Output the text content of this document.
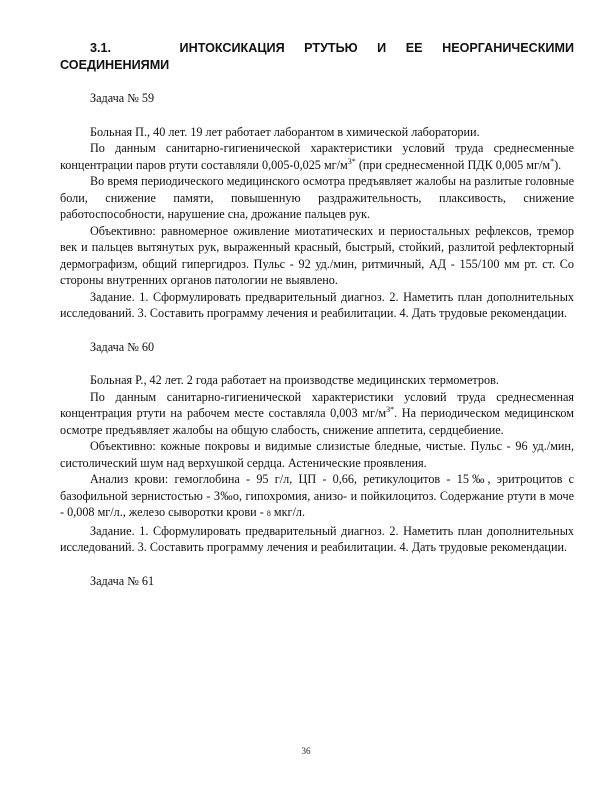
3.1.	ИНТОКСИКАЦИЯ РТУТЬЮ И ЕЕ НЕОРГАНИЧЕСКИМИ СОЕДИНЕНИЯМИ
Задача № 59

Больная П., 40 лет. 19 лет работает лаборантом в химической лаборатории.

По данным санитарно-гигиенической характеристики условий труда среднесменные концентрации паров ртути составляли 0,005-0,025 $мг/м^{3*}$ (при среднесменной ПДК 0,005 мг/м*).

Во время периодического медицинского осмотра предъявляет жалобы на разлитые головные боли, снижение памяти, повышенную раздражительность, плаксивость, снижение работоспособности, нарушение сна, дрожание пальцев рук.

Объективно: равномерное оживление миотатических и периостальных рефлексов, тремор век и пальцев вытянутых рук, выраженный красный, быстрый, стойкий, разлитой рефлекторный дермографизм, общий гипергидроз. Пульс - 92 уд./мин, ритмичный, АД - 155/100 мм рт. ст. Со стороны внутренних органов патологии не выявлено.

Задание. 1. Сформулировать предварительный диагноз. 2. Наметить план дополнительных исследований. 3. Составить программу лечения и реабилитации. 4. Дать трудовые рекомендации.

Задача № 60

Больная Р., 42 лет. 2 года работает на производстве медицинских термометров.

По данным санитарно-гигиенической характеристики условий труда среднесменная концентрация ртути на рабочем месте составляла 0,003 $мг/м^{3*}$. На периодическом медицинском осмотре предъявляет жалобы на общую слабость, снижение аппетита, сердцебиение.

Объективно: кожные покровы и видимые слизистые бледные, чистые. Пульс - 96 уд./мин, систолический шум над верхушкой сердца. Астенические проявления.

Анализ крови: гемоглобина - 95 г/л, ЦП - 0,66, ретикулоцитов - 15‰, эритроцитов с базофильной зернистостью - 3‰о, гипохромия, анизо- и пойкилоцитоз. Содержание ртути в моче - 0,008 мг/л., железо сыворотки крови - 8 мкг/л.

Задание. 1. Сформулировать предварительный диагноз. 2. Наметить план дополнительных исследований. 3. Составить программу лечения и реабилитации. 4. Дать трудовые рекомендации.

Задача № 61
36
